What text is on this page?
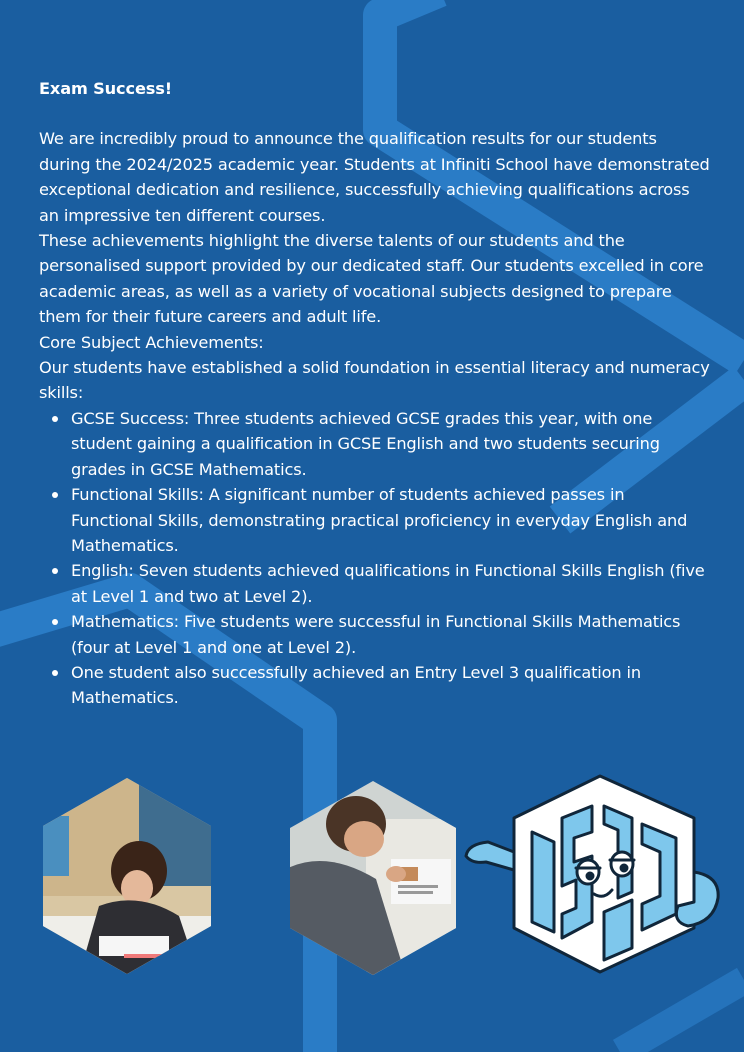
Exam Success!

We are incredibly proud to announce the qualification results for our students during the 2024/2025 academic year. Students at Infiniti School have demonstrated exceptional dedication and resilience, successfully achieving qualifications across an impressive ten different courses.

These achievements highlight the diverse talents of our students and the personalised support provided by our dedicated staff. Our students excelled in core academic areas, as well as a variety of vocational subjects designed to prepare them for their future careers and adult life.

Core Subject Achievements:

Our students have established a solid foundation in essential literacy and numeracy skills:

GCSE Success: Three students achieved GCSE grades this year, with one student gaining a qualification in GCSE English and two students securing grades in GCSE Mathematics.
Functional Skills: A significant number of students achieved passes in Functional Skills, demonstrating practical proficiency in everyday English and Mathematics.
English: Seven students achieved qualifications in Functional Skills English (five at Level 1 and two at Level 2).
Mathematics: Five students were successful in Functional Skills Mathematics (four at Level 1 and one at Level 2).
One student also successfully achieved an Entry Level 3 qualification in Mathematics.
